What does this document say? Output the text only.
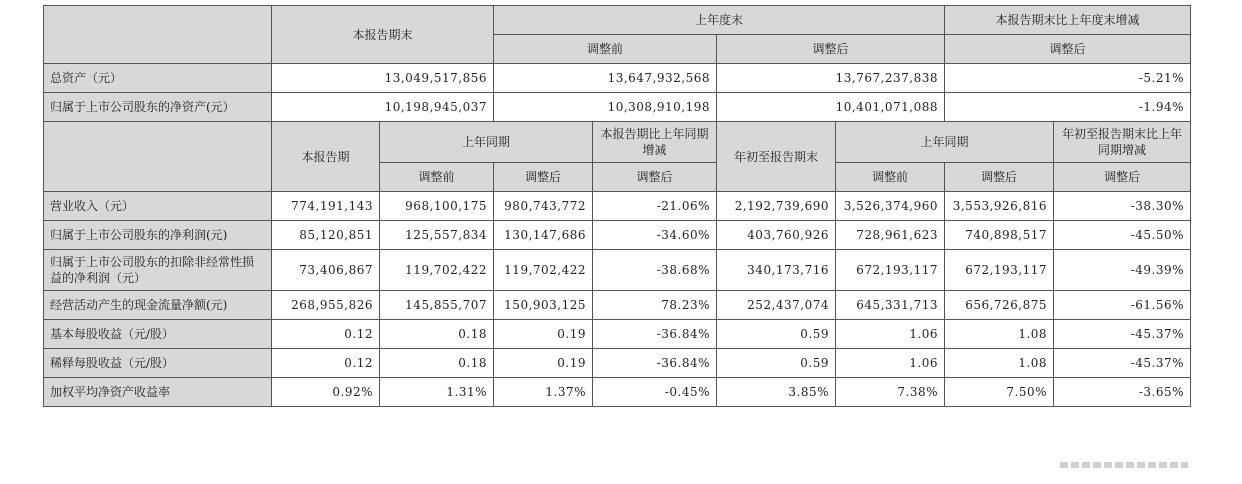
	本报告期末		上年度末				本报告期末比上年度末增减	
			调整前		调整后		调整后	
总资产（元）	13,049,517,856		13,647,932,568		13,767,237,838		-5.21%	
归属于上市公司股东的净资产(元）	10,198,945,037		10,308,910,198		10,401,071,088		-1.94%	
	本报告期	上年同期		本报告期比上年同期增减	年初至报告期末	上年同期		年初至报告期末比上年同期增减
		调整前	调整后	调整后		调整前	调整后	调整后
营业收入（元）	774,191,143	968,100,175	980,743,772	-21.06%	2,192,739,690	3,526,374,960	3,553,926,816	-38.30%
归属于上市公司股东的净利润(元)	85,120,851	125,557,834	130,147,686	-34.60%	403,760,926	728,961,623	740,898,517	-45.50%
归属于上市公司股东的扣除非经常性损益的净利润（元）	73,406,867	119,702,422	119,702,422	-38.68%	340,173,716	672,193,117	672,193,117	-49.39%
经营活动产生的现金流量净额(元)	268,955,826	145,855,707	150,903,125	78.23%	252,437,074	645,331,713	656,726,875	-61.56%
基本每股收益（元/股）	0.12	0.18	0.19	-36.84%	0.59	1.06	1.08	-45.37%
稀释每股收益（元/股）	0.12	0.18	0.19	-36.84%	0.59	1.06	1.08	-45.37%
加权平均净资产收益率	0.92%	1.31%	1.37%	-0.45%	3.85%	7.38%	7.50%	-3.65%
